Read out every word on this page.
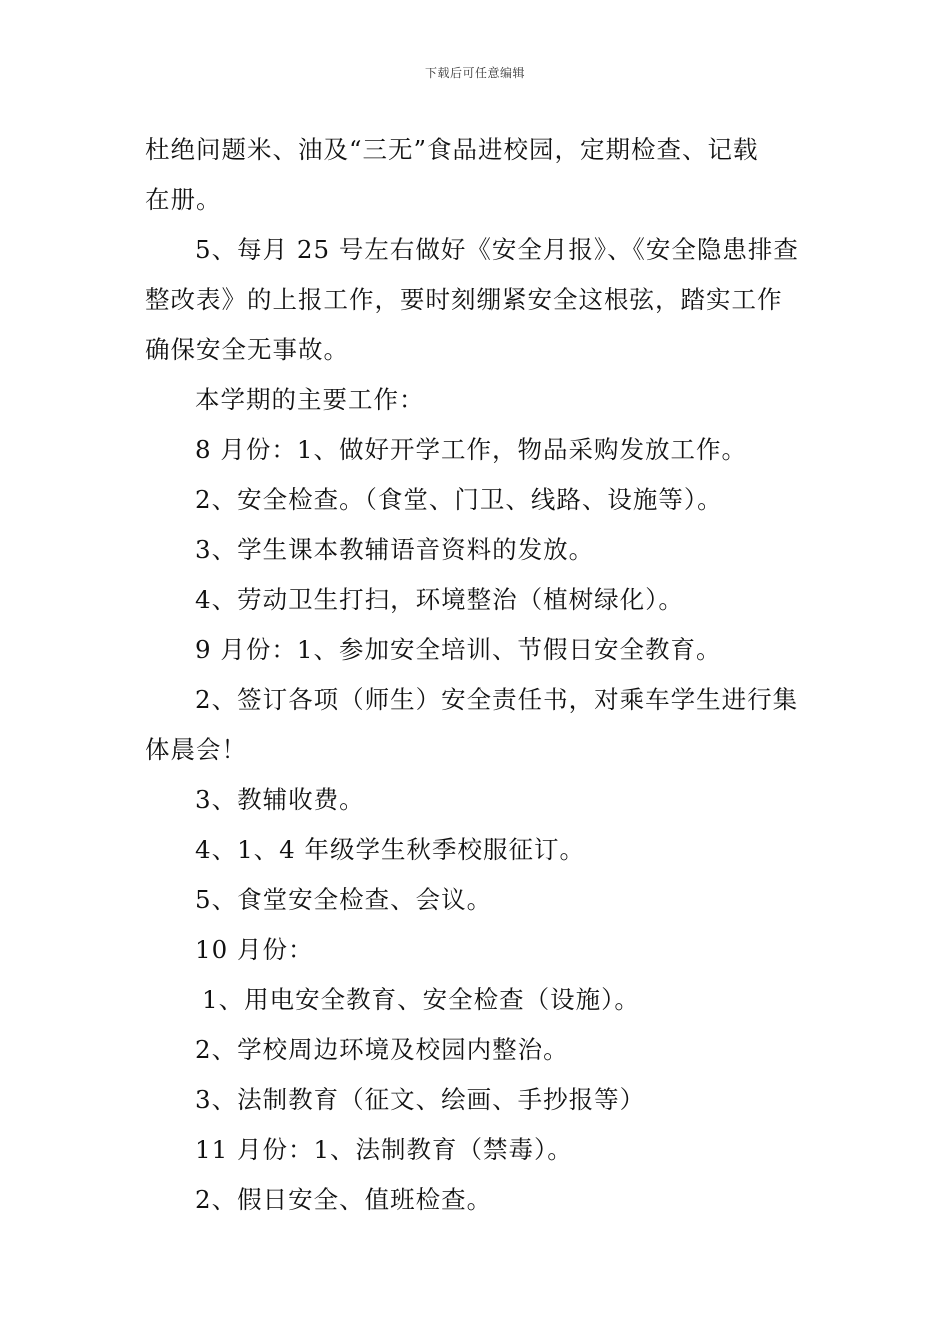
下载后可任意编辑
杜绝问题米、油及“三无”食品进校园，定期检查、记载
在册。
5、每月 25 号左右做好《安全月报》、《安全隐患排查
整改表》的上报工作，要时刻绷紧安全这根弦，踏实工作
确保安全无事故。
本学期的主要工作：
8 月份：1、做好开学工作，物品采购发放工作。
2、安全检查。（食堂、门卫、线路、设施等）。
3、学生课本教辅语音资料的发放。
4、劳动卫生打扫，环境整治（植树绿化）。
9 月份：1、参加安全培训、节假日安全教育。
2、签订各项（师生）安全责任书，对乘车学生进行集
体晨会！
3、教辅收费。
4、1、4 年级学生秋季校服征订。
5、食堂安全检查、会议。
10 月份：
1、用电安全教育、安全检查（设施）。
2、学校周边环境及校园内整治。
3、法制教育（征文、绘画、手抄报等）
11 月份：1、法制教育（禁毒）。
2、假日安全、值班检查。
